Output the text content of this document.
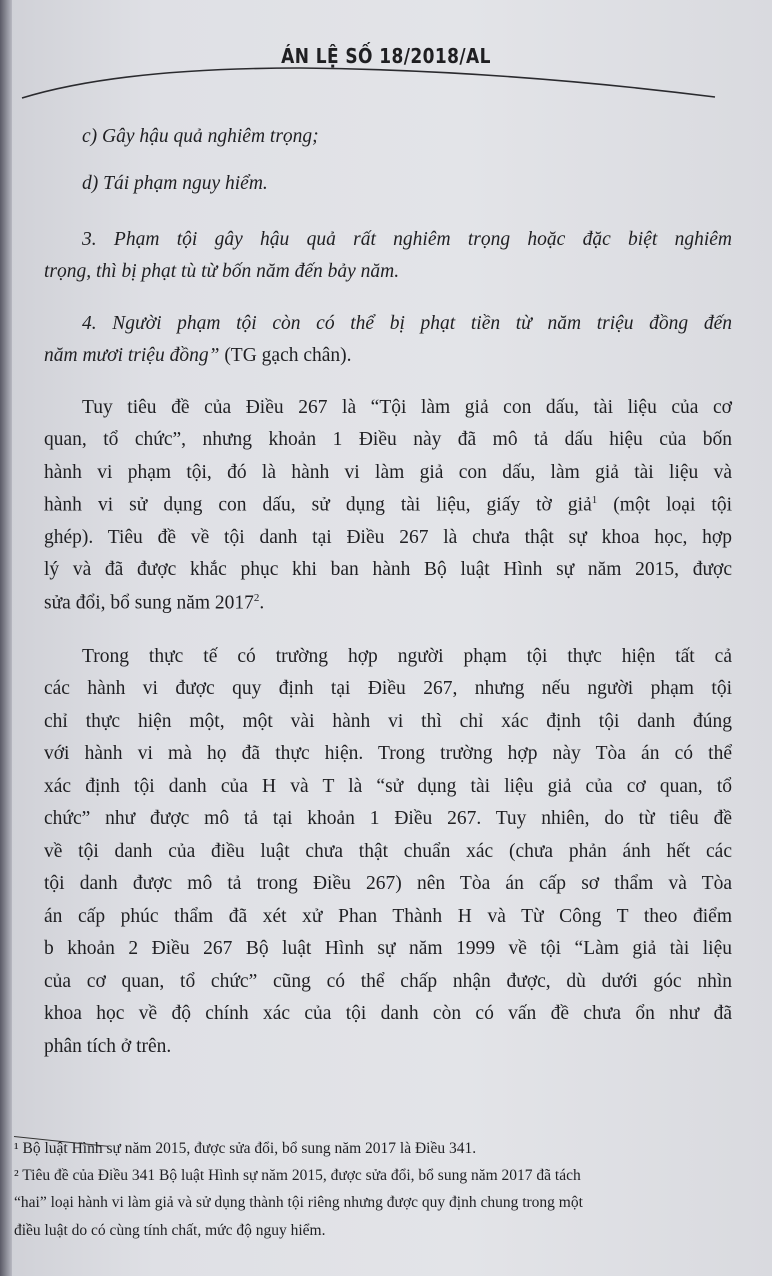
ÁN LỆ SỐ 18/2018/AL
c) Gây hậu quả nghiêm trọng;
d) Tái phạm nguy hiểm.
3. Phạm tội gây hậu quả rất nghiêm trọng hoặc đặc biệt nghiêm
trọng, thì bị phạt tù từ bốn năm đến bảy năm.
4. Người phạm tội còn có thể bị phạt tiền từ năm triệu đồng đến
năm mươi triệu đồng” (TG gạch chân).
Tuy tiêu đề của Điều 267 là “Tội làm giả con dấu, tài liệu của cơ
quan, tổ chức”, nhưng khoản 1 Điều này đã mô tả dấu hiệu của bốn
hành vi phạm tội, đó là hành vi làm giả con dấu, làm giả tài liệu và
hành vi sử dụng con dấu, sử dụng tài liệu, giấy tờ giả$^1$ (một loại tội
ghép). Tiêu đề về tội danh tại Điều 267 là chưa thật sự khoa học, hợp
lý và đã được khắc phục khi ban hành Bộ luật Hình sự năm 2015, được
sửa đổi, bổ sung năm 2017$^2$.
Trong thực tế có trường hợp người phạm tội thực hiện tất cả
các hành vi được quy định tại Điều 267, nhưng nếu người phạm tội
chỉ thực hiện một, một vài hành vi thì chỉ xác định tội danh đúng
với hành vi mà họ đã thực hiện. Trong trường hợp này Tòa án có thể
xác định tội danh của H và T là “sử dụng tài liệu giả của cơ quan, tổ
chức” như được mô tả tại khoản 1 Điều 267. Tuy nhiên, do từ tiêu đề
về tội danh của điều luật chưa thật chuẩn xác (chưa phản ánh hết các
tội danh được mô tả trong Điều 267) nên Tòa án cấp sơ thẩm và Tòa
án cấp phúc thẩm đã xét xử Phan Thành H và Từ Công T theo điểm
b khoản 2 Điều 267 Bộ luật Hình sự năm 1999 về tội “Làm giả tài liệu
của cơ quan, tổ chức” cũng có thể chấp nhận được, dù dưới góc nhìn
khoa học về độ chính xác của tội danh còn có vấn đề chưa ổn như đã
phân tích ở trên.
¹ Bộ luật Hình sự năm 2015, được sửa đổi, bổ sung năm 2017 là Điều 341.
² Tiêu đề của Điều 341 Bộ luật Hình sự năm 2015, được sửa đổi, bổ sung năm 2017 đã tách
“hai” loại hành vi làm giả và sử dụng thành tội riêng nhưng được quy định chung trong một
điều luật do có cùng tính chất, mức độ nguy hiểm.
